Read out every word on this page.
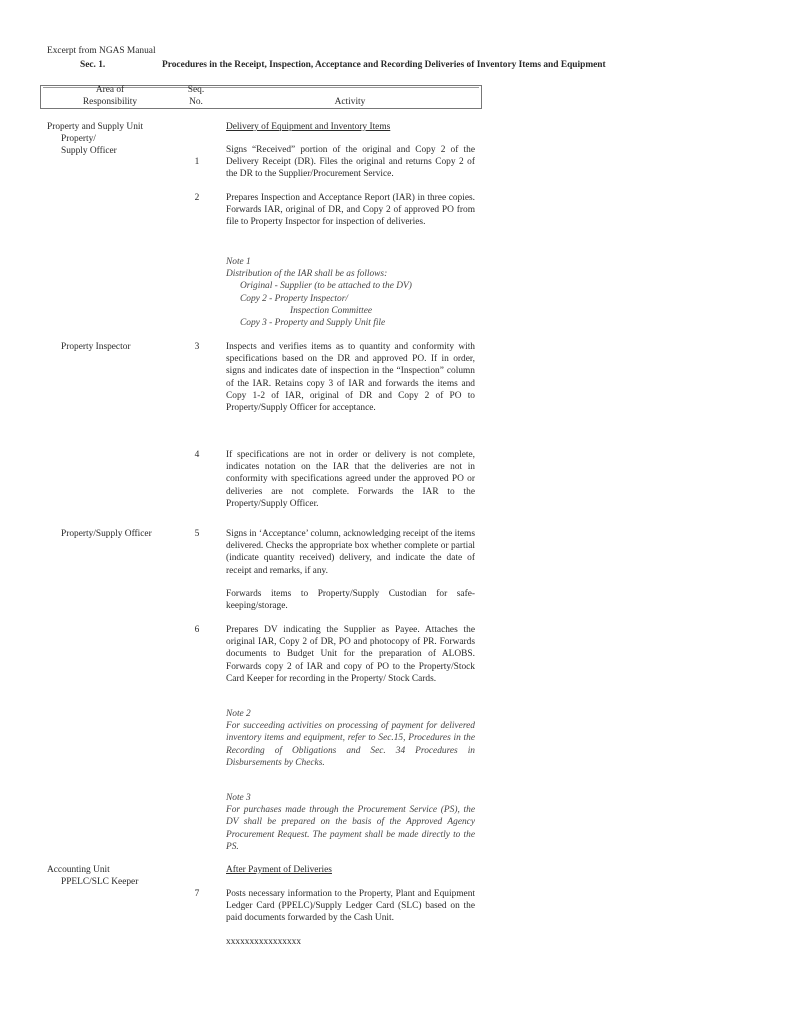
Excerpt from NGAS Manual
Sec. 1.	Procedures in the Receipt, Inspection, Acceptance and Recording Deliveries of Inventory Items and Equipment
Area of
Responsibility
Seq.
No.	Activity
Property and Supply Unit
Property/
Supply Officer
Property Inspector
Property/Supply Officer
Accounting Unit
PPELC/SLC Keeper
1
2
3
4
5
6
7
Delivery of Equipment and Inventory Items
Signs “Received” portion of the original and Copy 2 of the Delivery Receipt (DR). Files the original and returns Copy 2 of the DR to the Supplier/Procurement Service.
Prepares Inspection and Acceptance Report (IAR) in three copies. Forwards IAR, original of DR, and Copy 2 of approved PO from file to Property Inspector for inspection of deliveries.
Note 1
Distribution of the IAR shall be as follows:
Original - Supplier (to be attached to the DV)
Copy 2 - Property Inspector/
Inspection Committee
Copy 3 - Property and Supply Unit file
Inspects and verifies items as to quantity and conformity with specifications based on the DR and approved PO. If in order, signs and indicates date of inspection in the “Inspection” column of the IAR. Retains copy 3 of IAR and forwards the items and Copy 1-2 of IAR, original of DR and Copy 2 of PO to Property/Supply Officer for acceptance.
If specifications are not in order or delivery is not complete, indicates notation on the IAR that the deliveries are not in conformity with specifications agreed under the approved PO or deliveries are not complete. Forwards the IAR to the Property/Supply Officer.
Signs in ‘Acceptance’ column, acknowledging receipt of the items delivered. Checks the appropriate box whether complete or partial (indicate quantity received) delivery, and indicate the date of receipt and remarks, if any.
Forwards items to Property/Supply Custodian for safe-keeping/storage.
Prepares DV indicating the Supplier as Payee. Attaches the original IAR, Copy 2 of DR, PO and photocopy of PR. Forwards documents to Budget Unit for the preparation of ALOBS. Forwards copy 2 of IAR and copy of PO to the Property/Stock Card Keeper for recording in the Property/ Stock Cards.
Note 2
For succeeding activities on processing of payment for delivered inventory items and equipment, refer to Sec.15, Procedures in the Recording of Obligations and Sec. 34 Procedures in Disbursements by Checks.
Note 3
For purchases made through the Procurement Service (PS), the DV shall be prepared on the basis of the Approved Agency Procurement Request. The payment shall be made directly to the PS.
After Payment of Deliveries
Posts necessary information to the Property, Plant and Equipment Ledger Card (PPELC)/Supply Ledger Card (SLC) based on the paid documents forwarded by the Cash Unit.
xxxxxxxxxxxxxxxx
